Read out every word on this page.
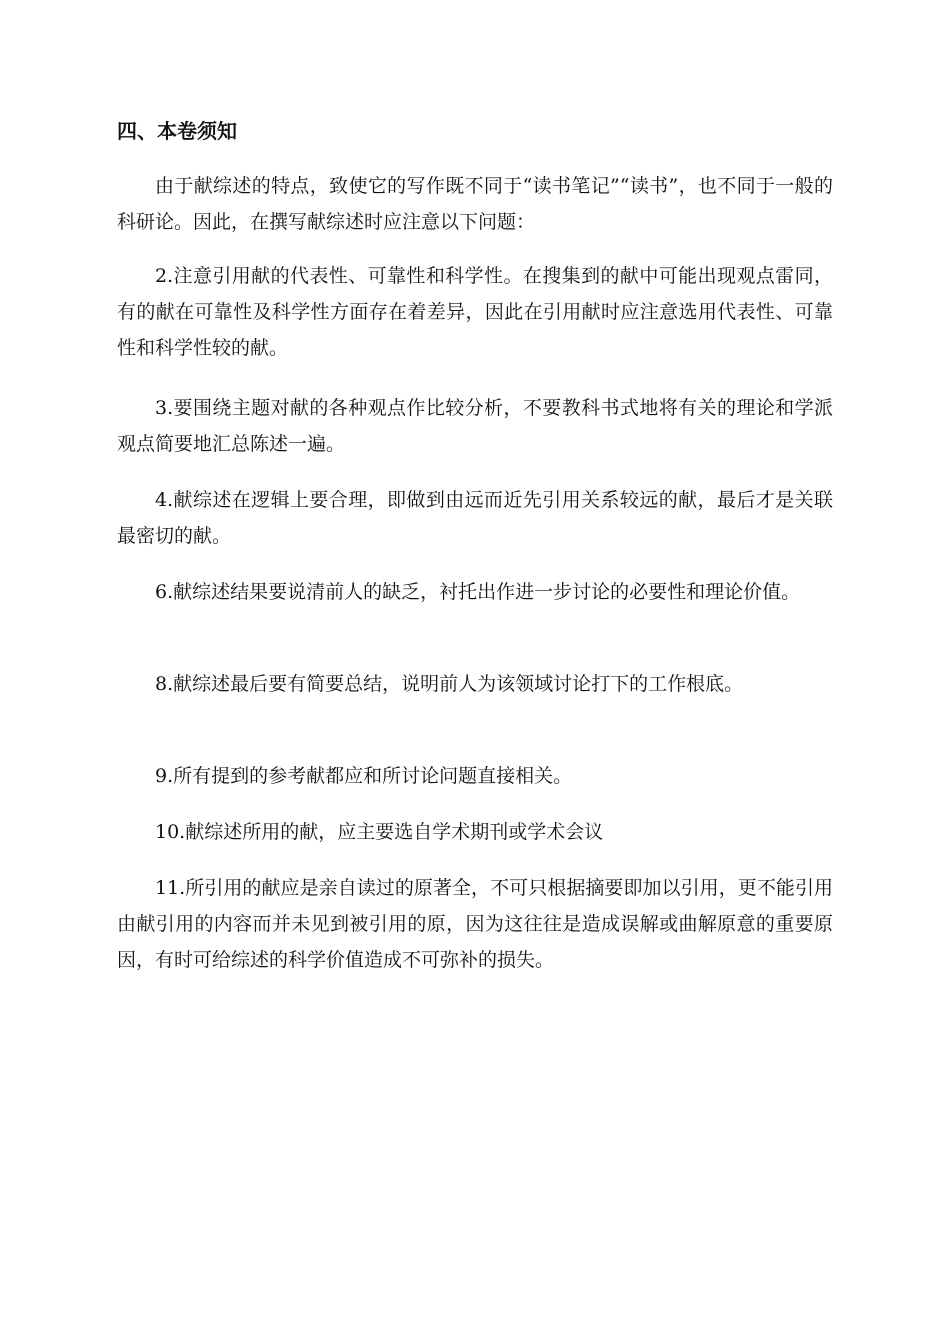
四、本卷须知

由于献综述的特点，致使它的写作既不同于“读书笔记”“读书”，也不同于一般的科研论。因此，在撰写献综述时应注意以下问题：

2.注意引用献的代表性、可靠性和科学性。在搜集到的献中可能出现观点雷同，有的献在可靠性及科学性方面存在着差异，因此在引用献时应注意选用代表性、可靠性和科学性较的献。

3.要围绕主题对献的各种观点作比较分析，不要教科书式地将有关的理论和学派观点简要地汇总陈述一遍。

4.献综述在逻辑上要合理，即做到由远而近先引用关系较远的献，最后才是关联最密切的献。

6.献综述结果要说清前人的缺乏，衬托出作进一步讨论的必要性和理论价值。

8.献综述最后要有简要总结，说明前人为该领域讨论打下的工作根底。

9.所有提到的参考献都应和所讨论问题直接相关。

10.献综述所用的献，应主要选自学术期刊或学术会议

11.所引用的献应是亲自读过的原著全，不可只根据摘要即加以引用，更不能引用由献引用的内容而并未见到被引用的原，因为这往往是造成误解或曲解原意的重要原因，有时可给综述的科学价值造成不可弥补的损失。
